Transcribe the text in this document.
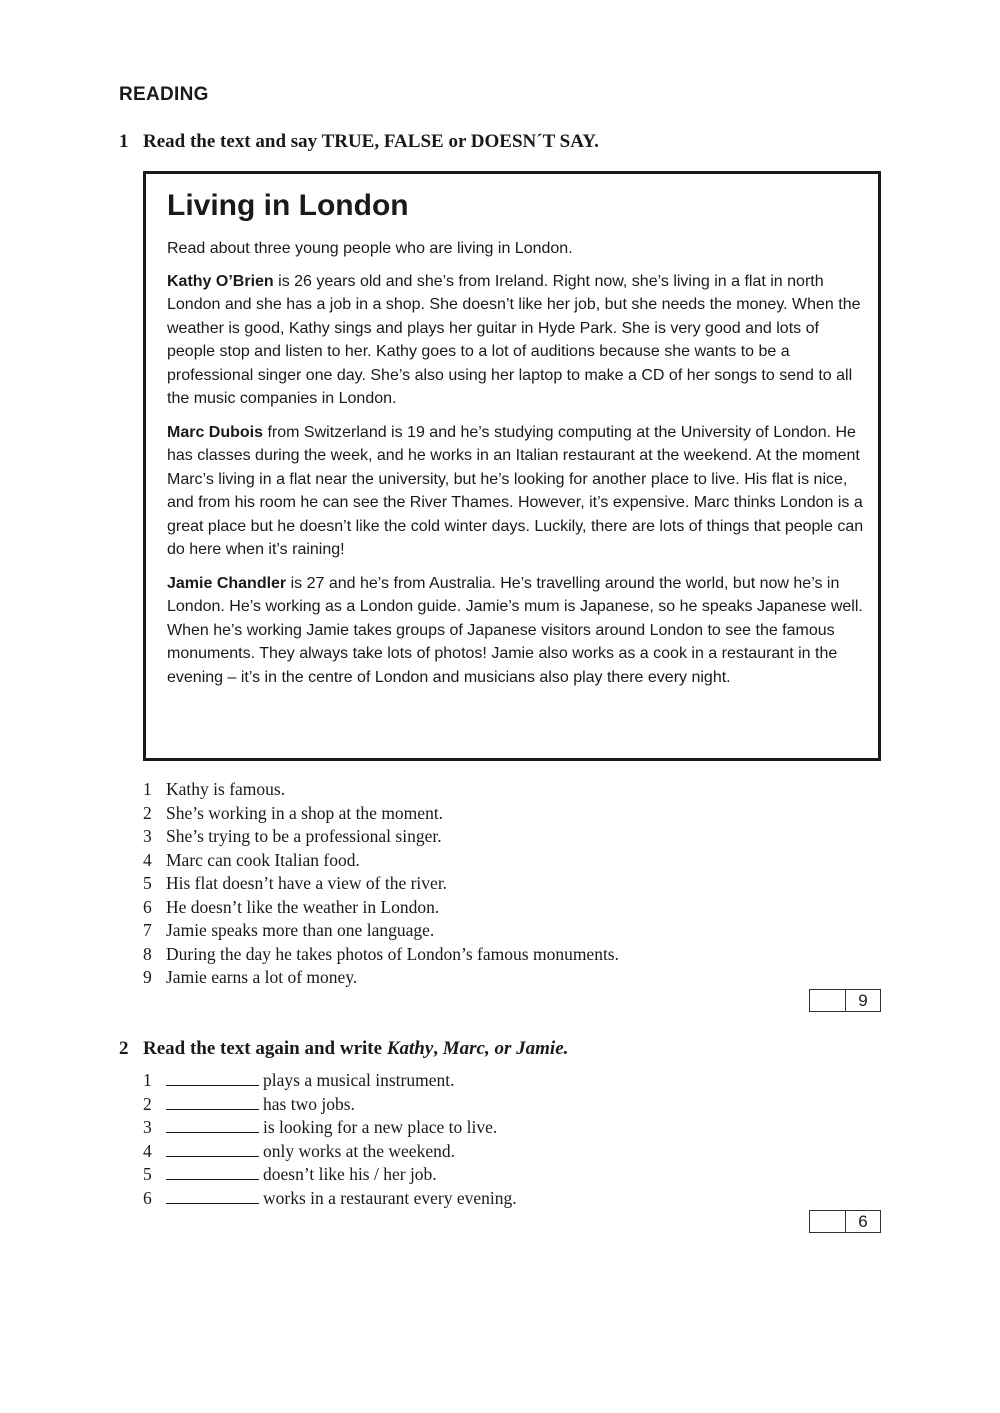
READING
1 Read the text and say TRUE, FALSE or DOESN´T SAY.
Living in London

Read about three young people who are living in London.

Kathy O’Brien is 26 years old and she’s from Ireland. Right now, she’s living in a flat in north London and she has a job in a shop. She doesn’t like her job, but she needs the money. When the weather is good, Kathy sings and plays her guitar in Hyde Park. She is very good and lots of people stop and listen to her. Kathy goes to a lot of auditions because she wants to be a professional singer one day. She’s also using her laptop to make a CD of her songs to send to all the music companies in London.

Marc Dubois from Switzerland is 19 and he’s studying computing at the University of London. He has classes during the week, and he works in an Italian restaurant at the weekend. At the moment Marc’s living in a flat near the university, but he’s looking for another place to live. His flat is nice, and from his room he can see the River Thames. However, it’s expensive. Marc thinks London is a great place but he doesn’t like the cold winter days. Luckily, there are lots of things that people can do here when it’s raining!

Jamie Chandler is 27 and he’s from Australia. He’s travelling around the world, but now he’s in London. He’s working as a London guide. Jamie’s mum is Japanese, so he speaks Japanese well. When he’s working Jamie takes groups of Japanese visitors around London to see the famous monuments. They always take lots of photos! Jamie also works as a cook in a restaurant in the evening – it’s in the centre of London and musicians also play there every night.

1 Kathy is famous.
2 She’s working in a shop at the moment.
3 She’s trying to be a professional singer.
4 Marc can cook Italian food.
5 His flat doesn’t have a view of the river.
6 He doesn’t like the weather in London.
7 Jamie speaks more than one language.
8 During the day he takes photos of London’s famous monuments.
9 Jamie earns a lot of money.
9
2 Read the text again and write Kathy, Marc, or Jamie.
1	plays a musical instrument.
2	has two jobs.
3	is looking for a new place to live.
4	only works at the weekend.
5	doesn’t like his / her job.
6	works in a restaurant every evening.
6
